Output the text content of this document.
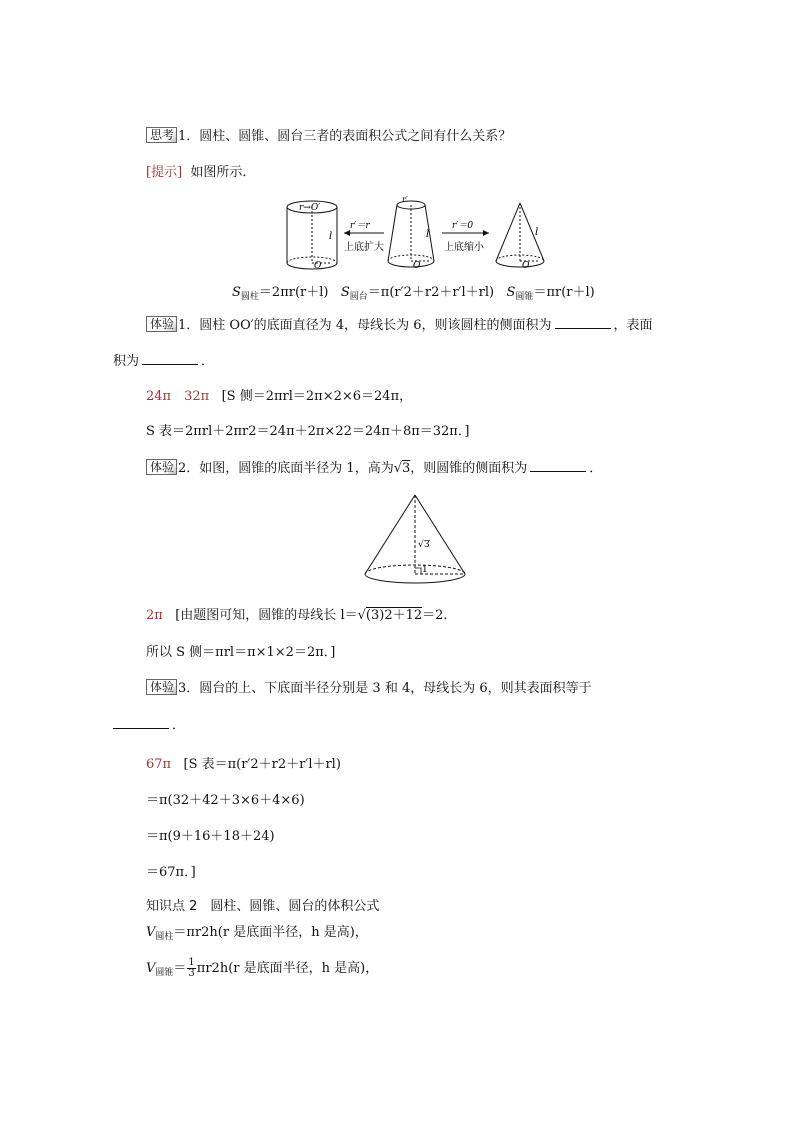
思考 1．圆柱、圆锥、圆台三者的表面积公式之间有什么关系？
[提示] 如图所示．
r→O′
O
l
r′＝r
上底扩大
r′
O
l
r′＝0
上底缩小
l
O
$S_{圆柱}=2\pi r(r+l)$ $S_{圆台}=\pi(r'2+r2+r'l+rl)$ $S_{圆锥}=\pi r(r+l)$
体验 1．圆柱 OO′的底面直径为 4，母线长为 6，则该圆柱的侧面积为	，表面
积为	．
24π　32π [S 侧＝2πrl＝2π×2×6＝24π，
S 表＝2πrl＋2πr2＝24π＋2π×22＝24π＋8π＝32π．]
体验 2．如图，圆锥的底面半径为 1，高为√3，则圆锥的侧面积为	．
√ 3
1
2π [由题图可知，圆锥的母线长 l＝√(3)2＋12＝2．
所以 S 侧＝πrl＝π×1×2＝2π．]
体验 3．圆台的上、下底面半径分别是 3 和 4，母线长为 6，则其表面积等于
．
67π [S 表＝π(r′2＋r2＋r′l＋rl)
＝π(32＋42＋3×6＋4×6)
＝π(9＋16＋18＋24)
＝67π．]
知识点 2　圆柱、圆锥、圆台的体积公式
$V_{圆柱}=\pi r2h(r$ 是底面半径，h 是高)，
$V_{圆锥}= \frac{1}{3} \pi r2h(r$ 是底面半径，h 是高)，
